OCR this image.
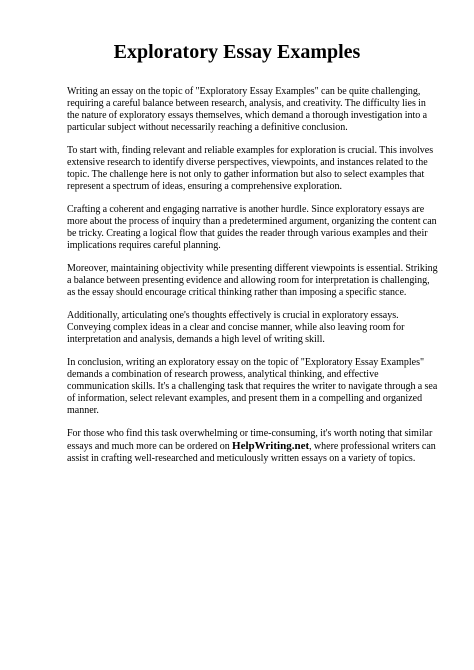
Exploratory Essay Examples

Writing an essay on the topic of "Exploratory Essay Examples" can be quite challenging, requiring a careful balance between research, analysis, and creativity. The difficulty lies in the nature of exploratory essays themselves, which demand a thorough investigation into a particular subject without necessarily reaching a definitive conclusion.

To start with, finding relevant and reliable examples for exploration is crucial. This involves extensive research to identify diverse perspectives, viewpoints, and instances related to the topic. The challenge here is not only to gather information but also to select examples that represent a spectrum of ideas, ensuring a comprehensive exploration.

Crafting a coherent and engaging narrative is another hurdle. Since exploratory essays are more about the process of inquiry than a predetermined argument, organizing the content can be tricky. Creating a logical flow that guides the reader through various examples and their implications requires careful planning.

Moreover, maintaining objectivity while presenting different viewpoints is essential. Striking a balance between presenting evidence and allowing room for interpretation is challenging, as the essay should encourage critical thinking rather than imposing a specific stance.

Additionally, articulating one's thoughts effectively is crucial in exploratory essays. Conveying complex ideas in a clear and concise manner, while also leaving room for interpretation and analysis, demands a high level of writing skill.

In conclusion, writing an exploratory essay on the topic of "Exploratory Essay Examples" demands a combination of research prowess, analytical thinking, and effective communication skills. It's a challenging task that requires the writer to navigate through a sea of information, select relevant examples, and present them in a compelling and organized manner.

For those who find this task overwhelming or time-consuming, it's worth noting that similar essays and much more can be ordered on HelpWriting.net, where professional writers can assist in crafting well-researched and meticulously written essays on a variety of topics.
